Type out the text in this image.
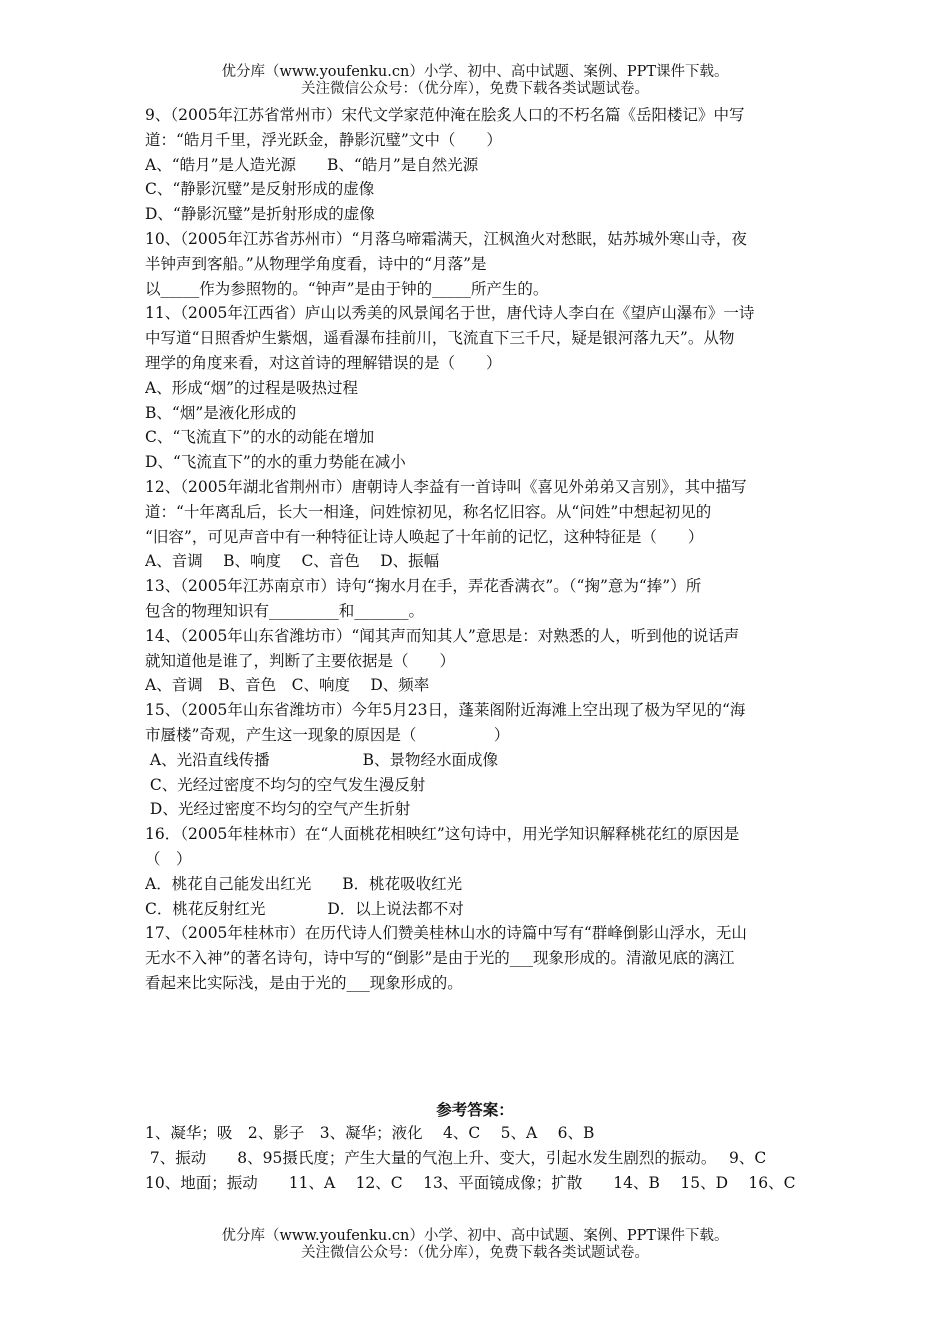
优分库（www.youfenku.cn）小学、初中、高中试题、案例、PPT课件下载。
关注微信公众号：（优分库），免费下载各类试题试卷。
9、（2005年江苏省常州市）宋代文学家范仲淹在脍炙人口的不朽名篇《岳阳楼记》中写
道：“皓月千里，浮光跃金，静影沉璧”文中（　　）
A、“皓月”是人造光源　　B、“皓月”是自然光源
C、“静影沉璧”是反射形成的虚像
D、“静影沉璧”是折射形成的虚像
10、（2005年江苏省苏州市）“月落乌啼霜满天，江枫渔火对愁眠，姑苏城外寒山寺，夜
半钟声到客船。”从物理学角度看，诗中的“月落”是
以_____作为参照物的。“钟声”是由于钟的_____所产生的。
11、（2005年江西省）庐山以秀美的风景闻名于世，唐代诗人李白在《望庐山瀑布》一诗
中写道“日照香炉生紫烟，遥看瀑布挂前川，飞流直下三千尺，疑是银河落九天”。从物
理学的角度来看，对这首诗的理解错误的是（　　）
A、形成“烟”的过程是吸热过程
B、“烟”是液化形成的
C、“飞流直下”的水的动能在增加
D、“飞流直下”的水的重力势能在减小
12、（2005年湖北省荆州市）唐朝诗人李益有一首诗叫《喜见外弟弟又言别》，其中描写
道：“十年离乱后，长大一相逢，问姓惊初见，称名忆旧容。从“问姓”中想起初见的
“旧容”，可见声音中有一种特征让诗人唤起了十年前的记忆，这种特征是（　　）
A、音调　 B、响度　 C、音色　 D、振幅
13、（2005年江苏南京市）诗句“掬水月在手，弄花香满衣”。（“掬”意为“捧”）所
包含的物理知识有_________和_______。
14、（2005年山东省潍坊市）“闻其声而知其人”意思是：对熟悉的人，听到他的说话声
就知道他是谁了，判断了主要依据是（　　）
A、音调　B、音色　C、响度　 D、频率
15、（2005年山东省潍坊市）今年5月23日，蓬莱阁附近海滩上空出现了极为罕见的“海
市蜃楼”奇观，产生这一现象的原因是（　　　　　）
A、光沿直线传播　　　　　　B、景物经水面成像
C、光经过密度不均匀的空气发生漫反射
D、光经过密度不均匀的空气产生折射
16．（2005年桂林市）在“人面桃花相映红”这句诗中，用光学知识解释桃花红的原因是
（　）
A．桃花自己能发出红光　　B．桃花吸收红光
C．桃花反射红光　　　　D．以上说法都不对
17、（2005年桂林市）在历代诗人们赞美桂林山水的诗篇中写有“群峰倒影山浮水，无山
无水不入神”的著名诗句，诗中写的“倒影”是由于光的___现象形成的。清澈见底的漓江
看起来比实际浅，是由于光的___现象形成的。
参考答案：
1、凝华；吸　2、影子　3、凝华；液化　 4、C　 5、A　 6、B
7、振动　　8、95摄氏度；产生大量的气泡上升、变大，引起水发生剧烈的振动。　 9、C
10、地面；振动　　11、A　 12、C　 13、平面镜成像；扩散　　14、B　 15、D　 16、C
优分库（www.youfenku.cn）小学、初中、高中试题、案例、PPT课件下载。
关注微信公众号：（优分库），免费下载各类试题试卷。
